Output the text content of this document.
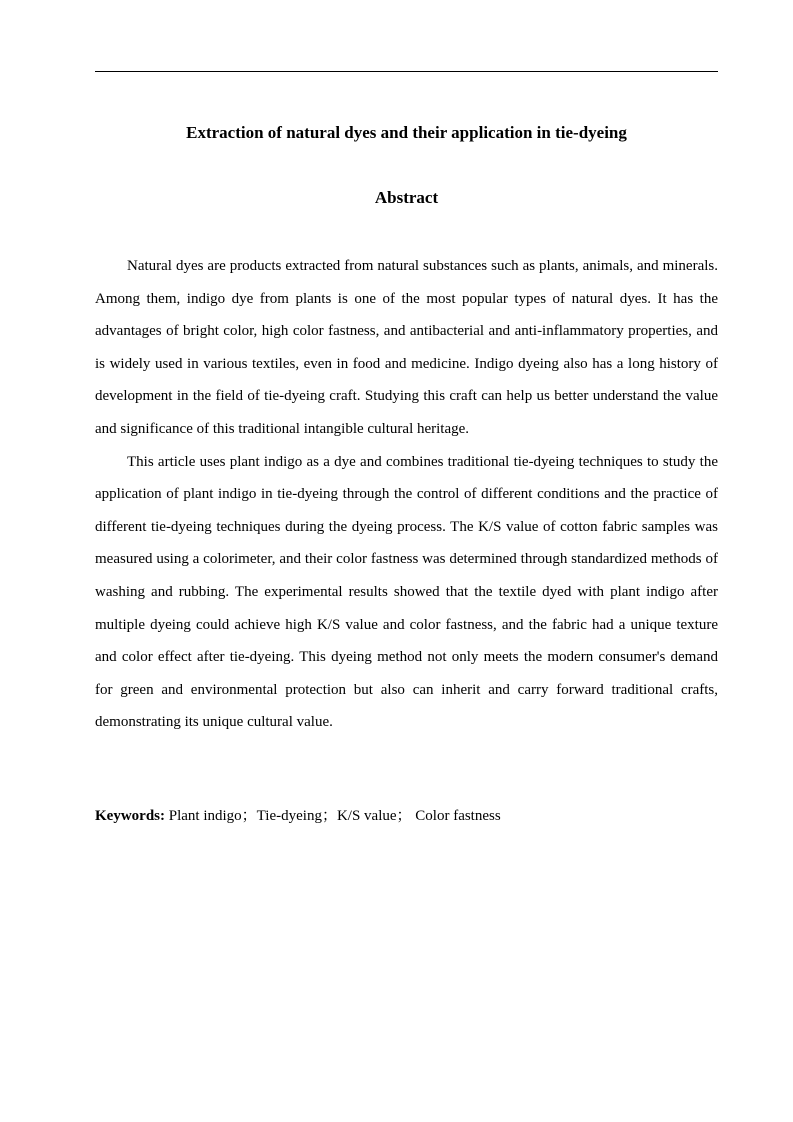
Extraction of natural dyes and their application in tie-dyeing
Abstract

Natural dyes are products extracted from natural substances such as plants, animals, and minerals. Among them, indigo dye from plants is one of the most popular types of natural dyes. It has the advantages of bright color, high color fastness, and antibacterial and anti-inflammatory properties, and is widely used in various textiles, even in food and medicine. Indigo dyeing also has a long history of development in the field of tie-dyeing craft. Studying this craft can help us better understand the value and significance of this traditional intangible cultural heritage.

This article uses plant indigo as a dye and combines traditional tie-dyeing techniques to study the application of plant indigo in tie-dyeing through the control of different conditions and the practice of different tie-dyeing techniques during the dyeing process. The K/S value of cotton fabric samples was measured using a colorimeter, and their color fastness was determined through standardized methods of washing and rubbing. The experimental results showed that the textile dyed with plant indigo after multiple dyeing could achieve high K/S value and color fastness, and the fabric had a unique texture and color effect after tie-dyeing. This dyeing method not only meets the modern consumer's demand for green and environmental protection but also can inherit and carry forward traditional crafts, demonstrating its unique cultural value.

Keywords: Plant indigo；Tie-dyeing；K/S value； Color fastness
